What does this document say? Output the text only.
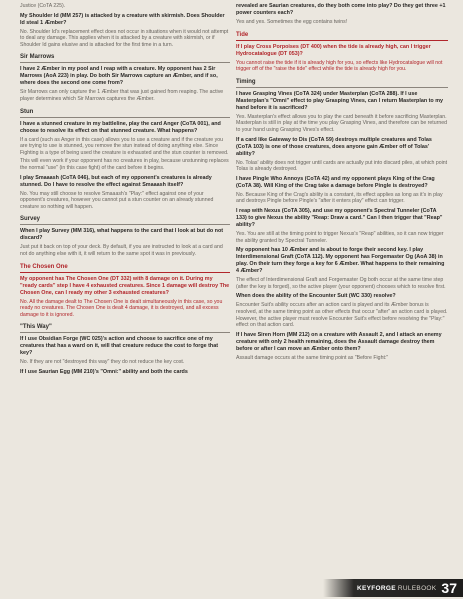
Justice (CoTA 225).
My Shoulder Id (MM 257) is attacked by a creature with skirmish. Does Shoulder Id steal 1 Æmber?
No. Shoulder Id's replacement effect does not occur in situations when it would not attempt to deal any damage. This applies when it is attacked by a creature with skirmish, or if Shoulder Id gains elusive and is attacked for the first time in a turn.
Sir Marrows
I have 2 Æmber in my pool and I reap with a creature. My opponent has 2 Sir Marrows (AoA 223) in play. Do both Sir Marrows capture an Æmber, and if so, where does the second one come from?
Sir Marrows can only capture the 1 Æmber that was just gained from reaping. The active player determines which Sir Marrows captures the Æmber.
Stun
I have a stunned creature in my battleline, play the card Anger (CoTA 001), and choose to resolve its effect on that stunned creature. What happens?
If a card (such as Anger in this case) allows you to use a creature and if the creature you are trying to use is stunned, you remove the stun instead of doing anything else. Since Fighting is a type of being used the creature is exhausted and the stun counter is removed.
This will even work if your opponent has no creatures in play, because unstunning replaces the normal "use" (in this case fight) of the card before it begins.
I play Smaaash (CoTA 046), but each of my opponent's creatures is already stunned. Do I have to resolve the effect against Smaaash itself?
No. You may still choose to resolve Smaaash's "Play:" effect against one of your opponent's creatures, however you cannot put a stun counter on an already stunned creature so nothing will happen.
Survey
When I play Survey (MM 316), what happens to the card that I look at but do not discard?
Just put it back on top of your deck. By default, if you are instructed to look at a card and not do anything else with it, it will return to the same spot it was in previously.
The Chosen One
My opponent has The Chosen One (DT 332) with 8 damage on it. During my "ready cards" step I have 4 exhausted creatures. Since 1 damage will destroy The Chosen One, can I ready my other 3 exhausted creatures?
No. All the damage dealt to The Chosen One is dealt simultaneously in this case, so you ready no creatures. The Chosen One is dealt 4 damage, it is destroyed, and all excess damage to it is ignored.
"This Way"
If I use Obsidian Forge (WC 025)'s action and choose to sacrifice one of my creatures that has a ward on it, will that creature reduce the cost to forge that key?
No. If they are not "destroyed this way" they do not reduce the key cost.
If I use Saurian Egg (MM 210)'s "Omni:" ability and both the cards
revealed are Saurian creatures, do they both come into play? Do they get three +1 power counters each?
Yes and yes. Sometimes the egg contains twins!
Tide
If I play Cross Porpoises (DT 400) when the tide is already high, can I trigger Hydrocatalogue (DT 053)?
You cannot raise the tide if it is already high for you, so effects like Hydrocatalogue will not trigger off of the "raise the tide" effect while the tide is already high for you.
Timing
I have Grasping Vines (CoTA 324) under Masterplan (CoTA 288). If I use Masterplan's "Omni" effect to play Grasping Vines, can I return Masterplan to my hand before it is sacrificed?
Yes. Masterplan's effect allows you to play the card beneath it before sacrificing Masterplan. Masterplan is still in play at the time you play Grasping Vines, and therefore can be returned to your hand using Grasping Vines's effect.
If a card like Gateway to Dis (CoTA 59) destroys multiple creatures and Tolas (CoTA 103) is one of those creatures, does anyone gain Æmber off of Tolas' ability?
No. Tolas' ability does not trigger until cards are actually put into discard piles, at which point Tolas is already destroyed.
I have Pingle Who Annoys (CoTA 42) and my opponent plays King of the Crag (CoTA 38). Will King of the Crag take a damage before Pingle is destroyed?
No. Because King of the Crag's ability is a constant, its effect applies as long as it's in play and destroys Pingle before Pingle's "after it enters play" effect can trigger.
I reap with Nexus (CoTA 305), and use my opponent's Spectral Tunneler (CoTA 133) to give Nexus the ability "Reap: Draw a card." Can I then trigger that "Reap" ability?
Yes. You are still at the timing point to trigger Nexus's "Reap" abilities, so it can now trigger the ability granted by Spectral Tunneler.
My opponent has 10 Æmber and is about to forge their second key. I play Interdimensional Graft (CoTA 112). My opponent has Forgemaster Og (AoA 38) in play. On their turn they forge a key for 6 Æmber. What happens to their remaining 4 Æmber?
The effect of Interdimensional Graft and Forgemaster Og both occur at the same time step (after the key is forged), so the active player (your opponent) chooses which to resolve first.
When does the ability of the Encounter Suit (WC 330) resolve?
Encounter Suit's ability occurs after an action card is played and its Æmber bonus is resolved, at the same timing point as other effects that occur "after" an action card is played. However, the active player must resolve Encounter Suit's effect before resolving the "Play:" effect on that action card.
If I have Siren Horn (MM 212) on a creature with Assault 2, and I attack an enemy creature with only 2 health remaining, does the Assault damage destroy them before or after I can move an Æmber onto them?
Assault damage occurs at the same timing point as "Before Fight:"
KEYFORGE RULEBOOK 37
